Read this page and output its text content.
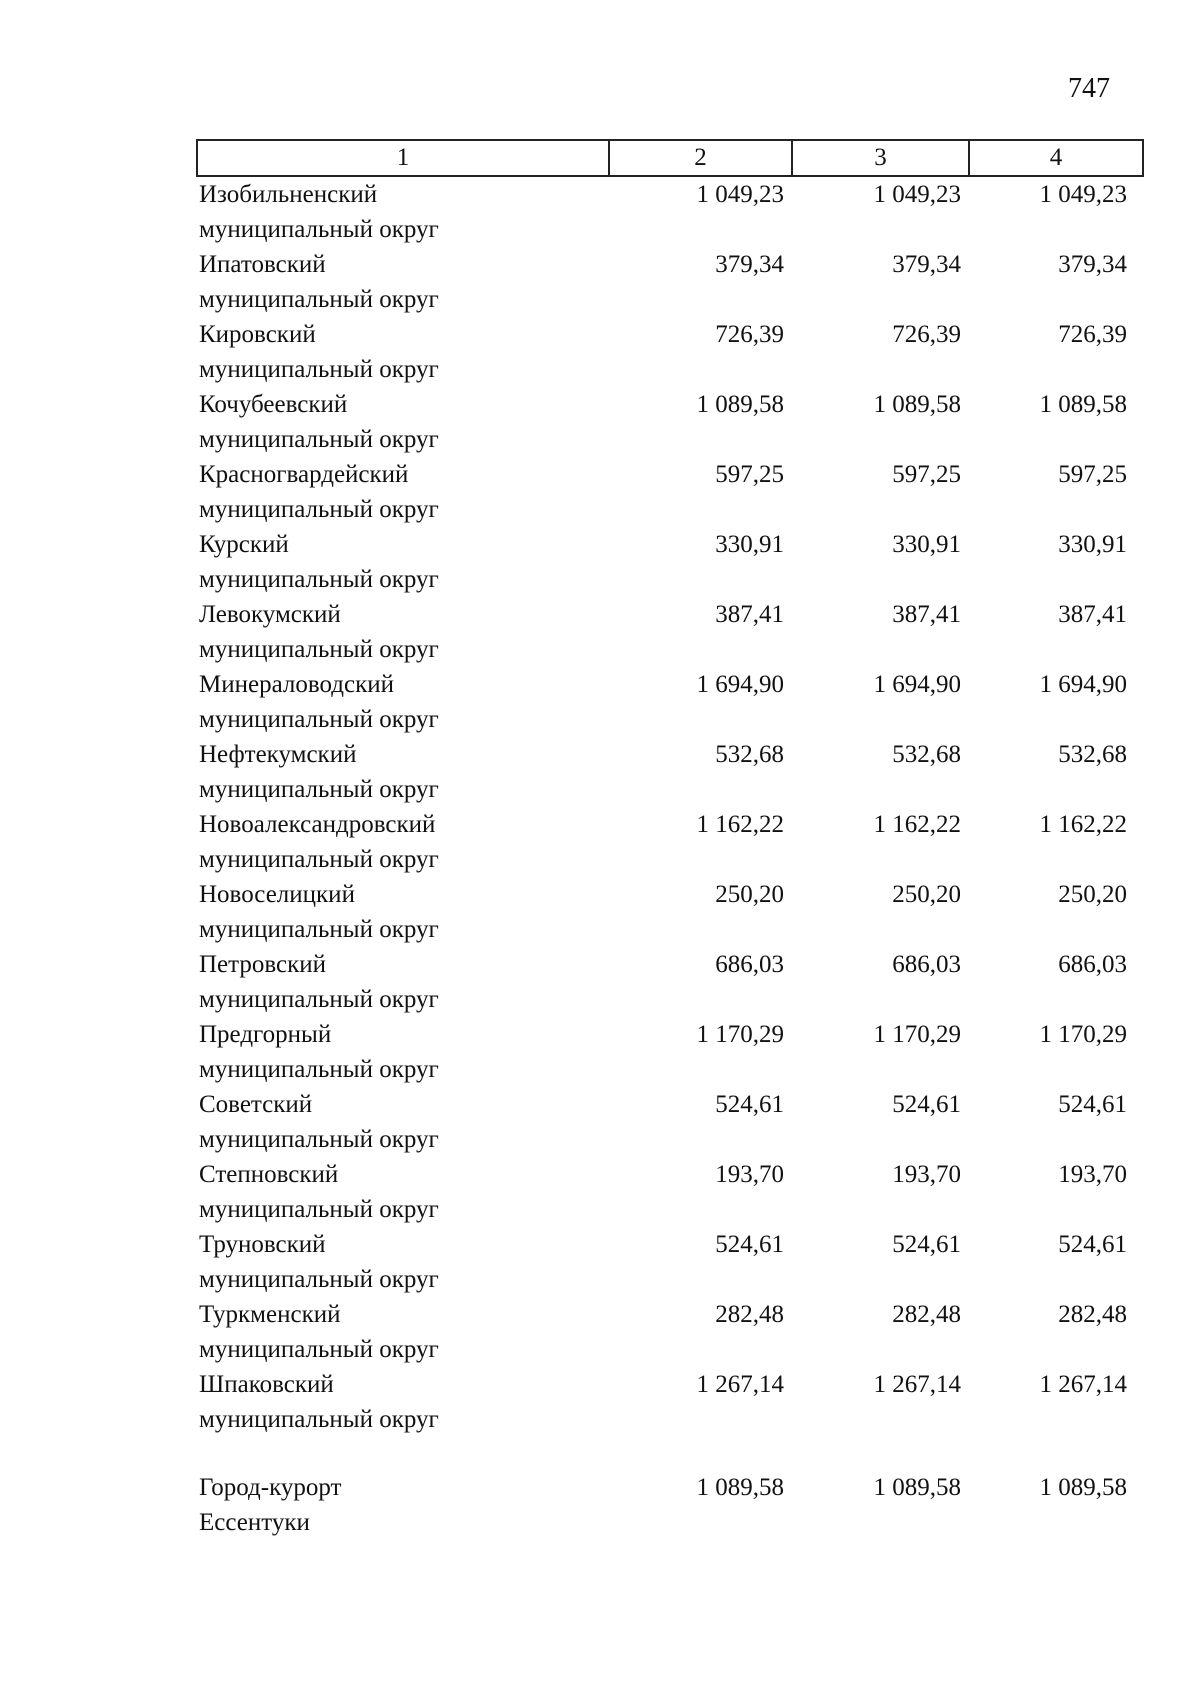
747
1	2	3	4

Изобильненский
муниципальный округ	1 049,23	1 049,23	1 049,23

Ипатовский
муниципальный округ	379,34	379,34	379,34

Кировский
муниципальный округ	726,39	726,39	726,39

Кочубеевский
муниципальный округ	1 089,58	1 089,58	1 089,58

Красногвардейский
муниципальный округ	597,25	597,25	597,25

Курский
муниципальный округ	330,91	330,91	330,91

Левокумский
муниципальный округ	387,41	387,41	387,41

Минераловодский
муниципальный округ	1 694,90	1 694,90	1 694,90

Нефтекумский
муниципальный округ	532,68	532,68	532,68

Новоалександровский
муниципальный округ	1 162,22	1 162,22	1 162,22

Новоселицкий
муниципальный округ	250,20	250,20	250,20

Петровский
муниципальный округ	686,03	686,03	686,03

Предгорный
муниципальный округ	1 170,29	1 170,29	1 170,29

Советский
муниципальный округ	524,61	524,61	524,61

Степновский
муниципальный округ	193,70	193,70	193,70

Труновский
муниципальный округ	524,61	524,61	524,61

Туркменский
муниципальный округ	282,48	282,48	282,48

Шпаковский
муниципальный округ	1 267,14	1 267,14	1 267,14

Город-курорт
Ессентуки	1 089,58	1 089,58	1 089,58
